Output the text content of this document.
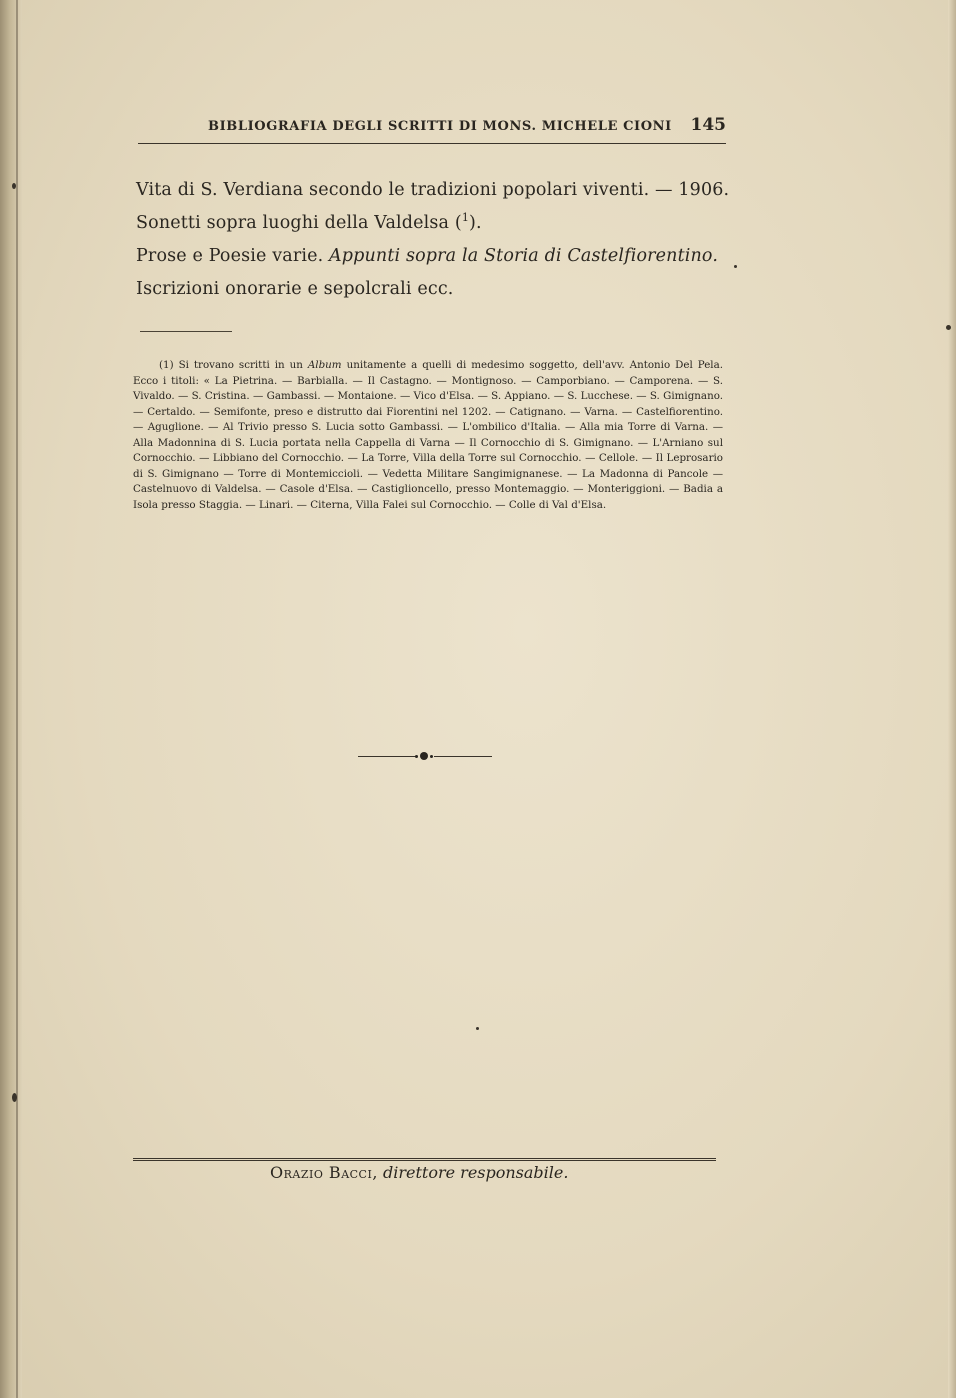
BIBLIOGRAFIA DEGLI SCRITTI DI MONS. MICHELE CIONI 145
Vita di S. Verdiana secondo le tradizioni popolari viventi. — 1906.
Sonetti sopra luoghi della Valdelsa ($^1$).
Prose e Poesie varie. Appunti sopra la Storia di Castelfiorentino.
Iscrizioni onorarie e sepolcrali ecc.
(1) Si trovano scritti in un Album unitamente a quelli di medesimo soggetto, dell'avv. Antonio Del Pela. Ecco i titoli: « La Pietrina. — Barbialla. — Il Castagno. — Montignoso. — Camporbiano. — Camporena. — S. Vivaldo. — S. Cristina. — Gambassi. — Montaione. — Vico d'Elsa. — S. Appiano. — S. Lucchese. — S. Gimignano. — Certaldo. — Semifonte, preso e distrutto dai Fiorentini nel 1202. — Catignano. — Varna. — Castelfiorentino. — Aguglione. — Al Trivio presso S. Lucia sotto Gambassi. — L'ombilico d'Italia. — Alla mia Torre di Varna. — Alla Madonnina di S. Lucia portata nella Cappella di Varna — Il Cornocchio di S. Gimignano. — L'Arniano sul Cornocchio. — Libbiano del Cornocchio. — La Torre, Villa della Torre sul Cornocchio. — Cellole. — Il Leprosario di S. Gimignano — Torre di Montemiccioli. — Vedetta Militare Sangimignanese. — La Madonna di Pancole — Castelnuovo di Valdelsa. — Casole d'Elsa. — Castiglioncello, presso Montemaggio. — Monteriggioni. — Badia a Isola presso Staggia. — Linari. — Citerna, Villa Falei sul Cornocchio. — Colle di Val d'Elsa.
Orazio Bacci, direttore responsabile.
